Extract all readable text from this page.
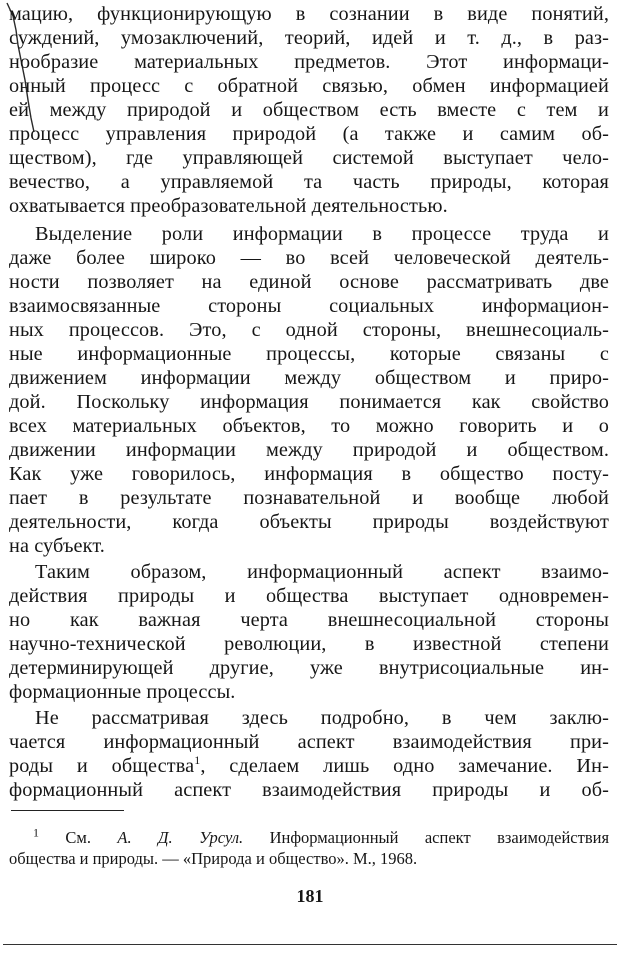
мацию, функционирующую в сознании в виде понятий,
суждений, умозаключений, теорий, идей и т. д., в раз-
нообразие материальных предметов. Этот информаци-
онный процесс с обратной связью, обмен информацией
ей между природой и обществом есть вместе с тем и
процесс управления природой (а также и самим об-
ществом), где управляющей системой выступает чело-
вечество, а управляемой та часть природы, которая
охватывается преобразовательной деятельностью.
Выделение роли информации в процессе труда и
даже более широко — во всей человеческой деятель-
ности позволяет на единой основе рассматривать две
взаимосвязанные стороны социальных информацион-
ных процессов. Это, с одной стороны, внешнесоциаль-
ные информационные процессы, которые связаны с
движением информации между обществом и приро-
дой. Поскольку информация понимается как свойство
всех материальных объектов, то можно говорить и о
движении информации между природой и обществом.
Как уже говорилось, информация в общество посту-
пает в результате познавательной и вообще любой
деятельности, когда объекты природы воздействуют
на субъект.
Таким образом, информационный аспект взаимо-
действия природы и общества выступает одновремен-
но как важная черта внешнесоциальной стороны
научно-технической революции, в известной степени
детерминирующей другие, уже внутрисоциальные ин-
формационные процессы.
Не рассматривая здесь подробно, в чем заклю-
чается информационный аспект взаимодействия при-
роды и общества$^1$, сделаем лишь одно замечание. Ин-
формационный аспект взаимодействия природы и об-
$^1$ См. А. Д. Урсул. Информационный аспект взаимодействия
общества и природы. — «Природа и общество». М., 1968.
181
